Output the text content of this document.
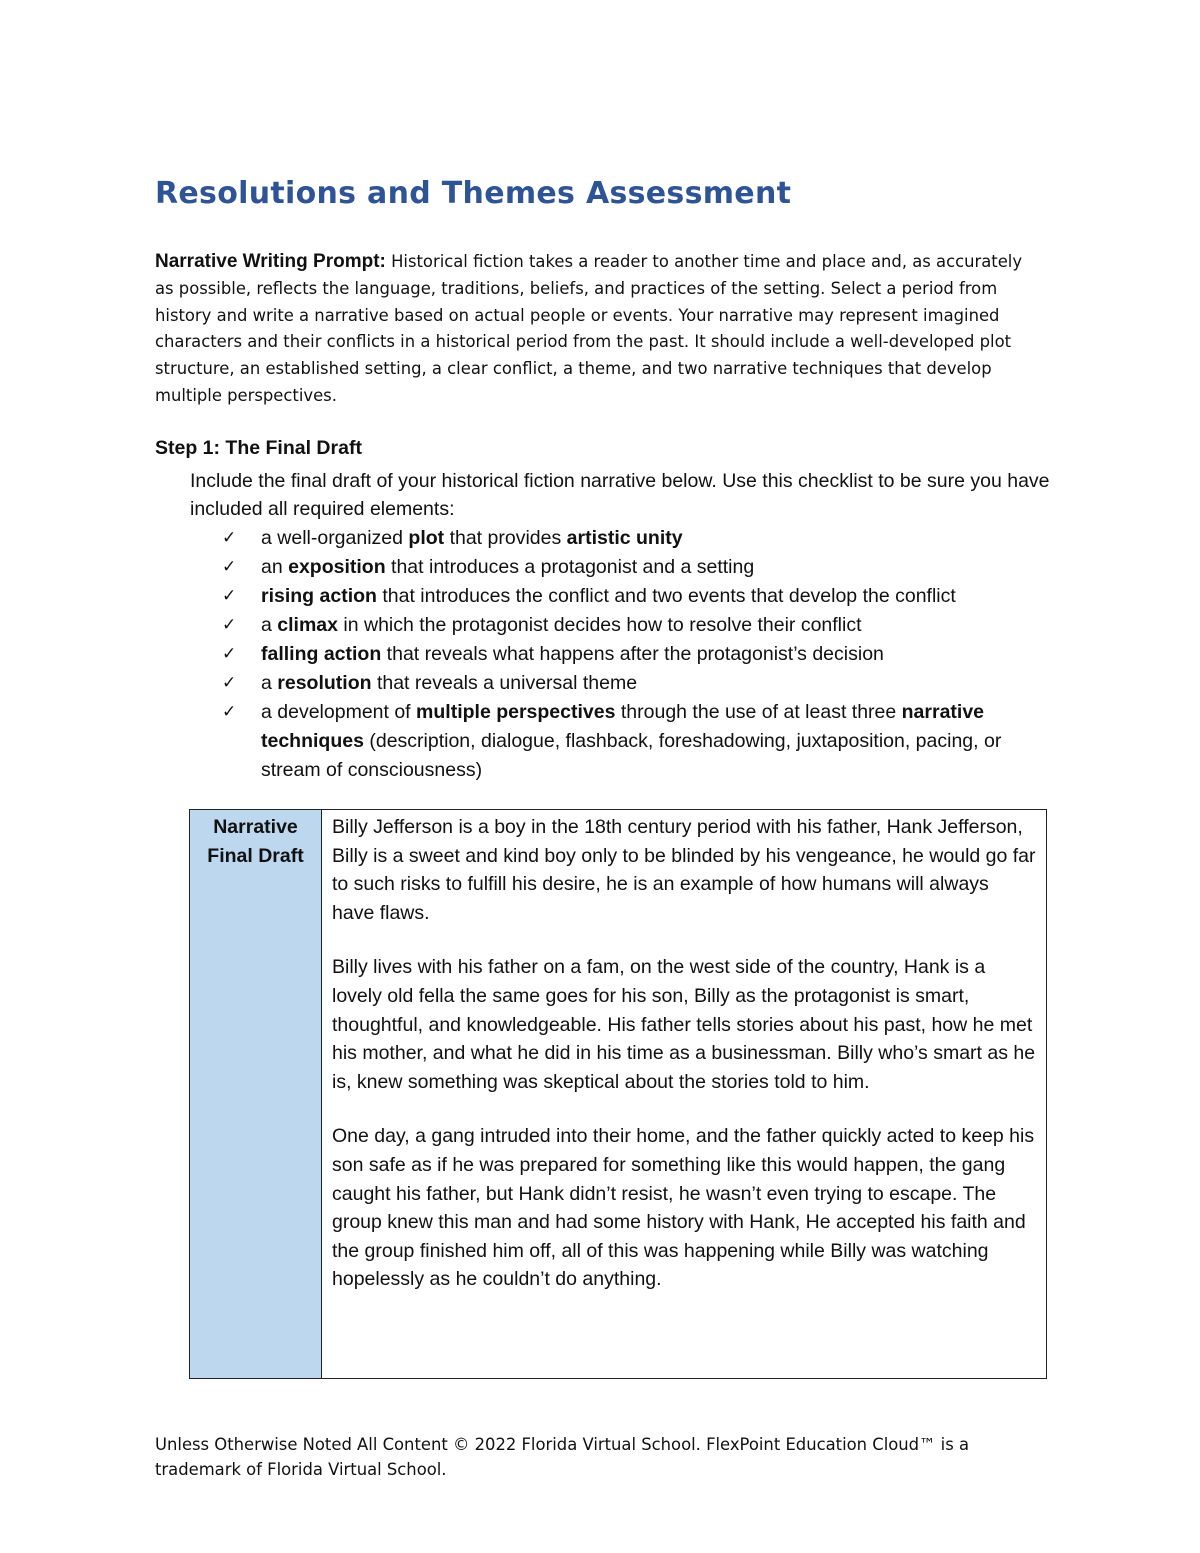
Resolutions and Themes Assessment
Narrative Writing Prompt: Historical fiction takes a reader to another time and place and, as accurately as possible, reflects the language, traditions, beliefs, and practices of the setting. Select a period from history and write a narrative based on actual people or events. Your narrative may represent imagined characters and their conflicts in a historical period from the past. It should include a well-developed plot structure, an established setting, a clear conflict, a theme, and two narrative techniques that develop multiple perspectives.
Step 1: The Final Draft
Include the final draft of your historical fiction narrative below. Use this checklist to be sure you have included all required elements:
✓ a well-organized plot that provides artistic unity
✓ an exposition that introduces a protagonist and a setting
✓ rising action that introduces the conflict and two events that develop the conflict
✓ a climax in which the protagonist decides how to resolve their conflict
✓ falling action that reveals what happens after the protagonist’s decision
✓ a resolution that reveals a universal theme
✓ a development of multiple perspectives through the use of at least three narrative techniques (description, dialogue, flashback, foreshadowing, juxtaposition, pacing, or stream of consciousness)
Narrative
Final Draft

Billy Jefferson is a boy in the 18th century period with his father, Hank Jefferson, Billy is a sweet and kind boy only to be blinded by his vengeance, he would go far to such risks to fulfill his desire, he is an example of how humans will always have flaws.

Billy lives with his father on a fam, on the west side of the country, Hank is a lovely old fella the same goes for his son, Billy as the protagonist is smart, thoughtful, and knowledgeable. His father tells stories about his past, how he met his mother, and what he did in his time as a businessman. Billy who’s smart as he is, knew something was skeptical about the stories told to him.

One day, a gang intruded into their home, and the father quickly acted to keep his son safe as if he was prepared for something like this would happen, the gang caught his father, but Hank didn’t resist, he wasn’t even trying to escape. The group knew this man and had some history with Hank, He accepted his faith and the group finished him off, all of this was happening while Billy was watching hopelessly as he couldn’t do anything.

Unless Otherwise Noted All Content © 2022 Florida Virtual School. FlexPoint Education Cloud™ is a trademark of Florida Virtual School.
